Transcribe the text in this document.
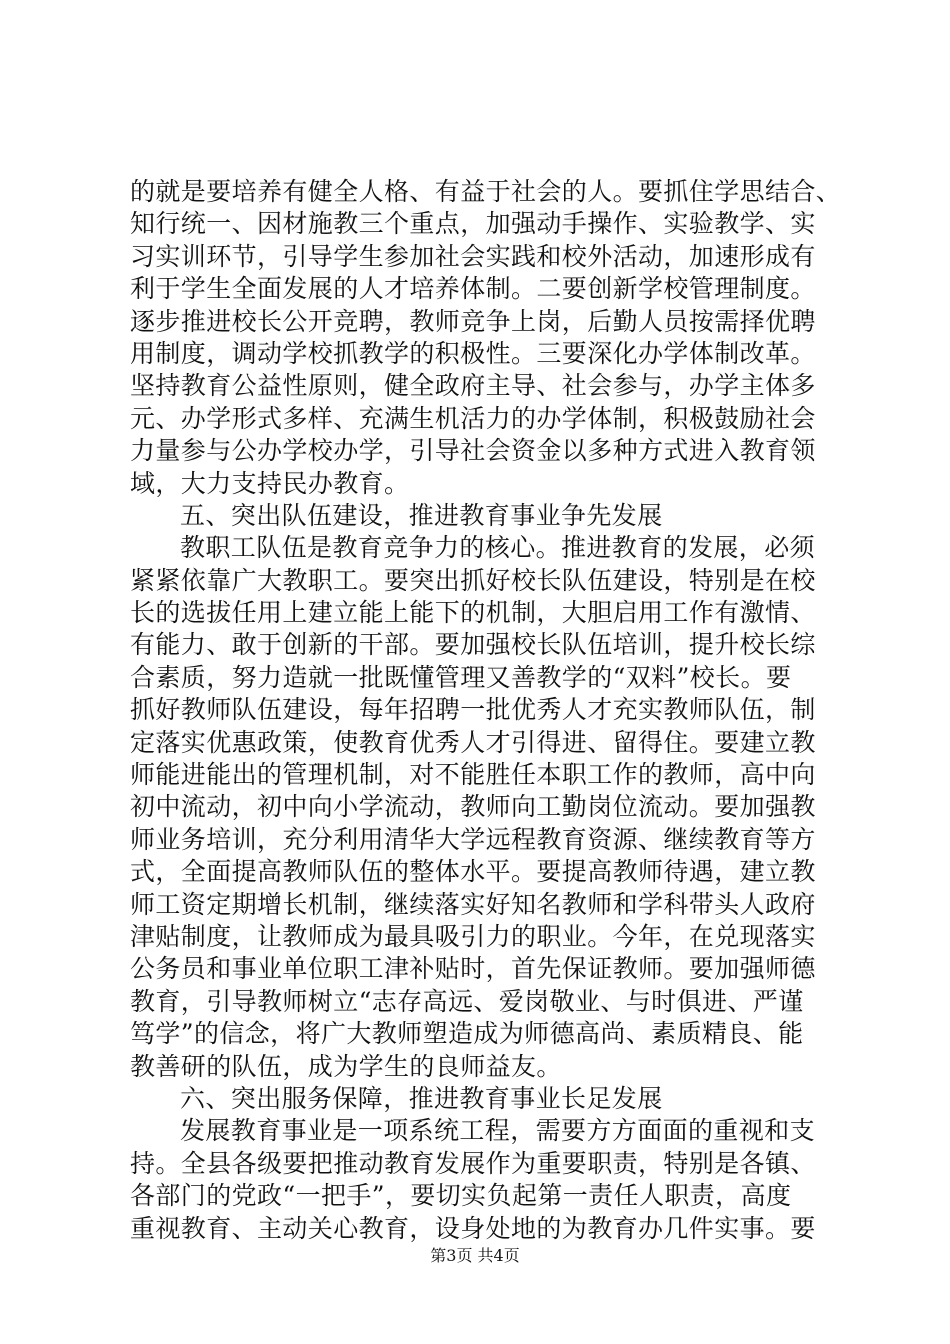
的就是要培养有健全人格、有益于社会的人。要抓住学思结合、
知行统一、因材施教三个重点，加强动手操作、实验教学、实
习实训环节，引导学生参加社会实践和校外活动，加速形成有
利于学生全面发展的人才培养体制。二要创新学校管理制度。
逐步推进校长公开竞聘，教师竞争上岗，后勤人员按需择优聘
用制度，调动学校抓教学的积极性。三要深化办学体制改革。
坚持教育公益性原则，健全政府主导、社会参与，办学主体多
元、办学形式多样、充满生机活力的办学体制，积极鼓励社会
力量参与公办学校办学，引导社会资金以多种方式进入教育领
域，大力支持民办教育。
五、突出队伍建设，推进教育事业争先发展
教职工队伍是教育竞争力的核心。推进教育的发展，必须
紧紧依靠广大教职工。要突出抓好校长队伍建设，特别是在校
长的选拔任用上建立能上能下的机制，大胆启用工作有激情、
有能力、敢于创新的干部。要加强校长队伍培训，提升校长综
合素质，努力造就一批既懂管理又善教学的“双料”校长。要
抓好教师队伍建设，每年招聘一批优秀人才充实教师队伍，制
定落实优惠政策，使教育优秀人才引得进、留得住。要建立教
师能进能出的管理机制，对不能胜任本职工作的教师，高中向
初中流动，初中向小学流动，教师向工勤岗位流动。要加强教
师业务培训，充分利用清华大学远程教育资源、继续教育等方
式，全面提高教师队伍的整体水平。要提高教师待遇，建立教
师工资定期增长机制，继续落实好知名教师和学科带头人政府
津贴制度，让教师成为最具吸引力的职业。今年，在兑现落实
公务员和事业单位职工津补贴时，首先保证教师。要加强师德
教育，引导教师树立“志存高远、爱岗敬业、与时俱进、严谨
笃学”的信念，将广大教师塑造成为师德高尚、素质精良、能
教善研的队伍，成为学生的良师益友。
六、突出服务保障，推进教育事业长足发展
发展教育事业是一项系统工程，需要方方面面的重视和支
持。全县各级要把推动教育发展作为重要职责，特别是各镇、
各部门的党政“一把手”，要切实负起第一责任人职责，高度
重视教育、主动关心教育，设身处地的为教育办几件实事。要
第3页 共4页
